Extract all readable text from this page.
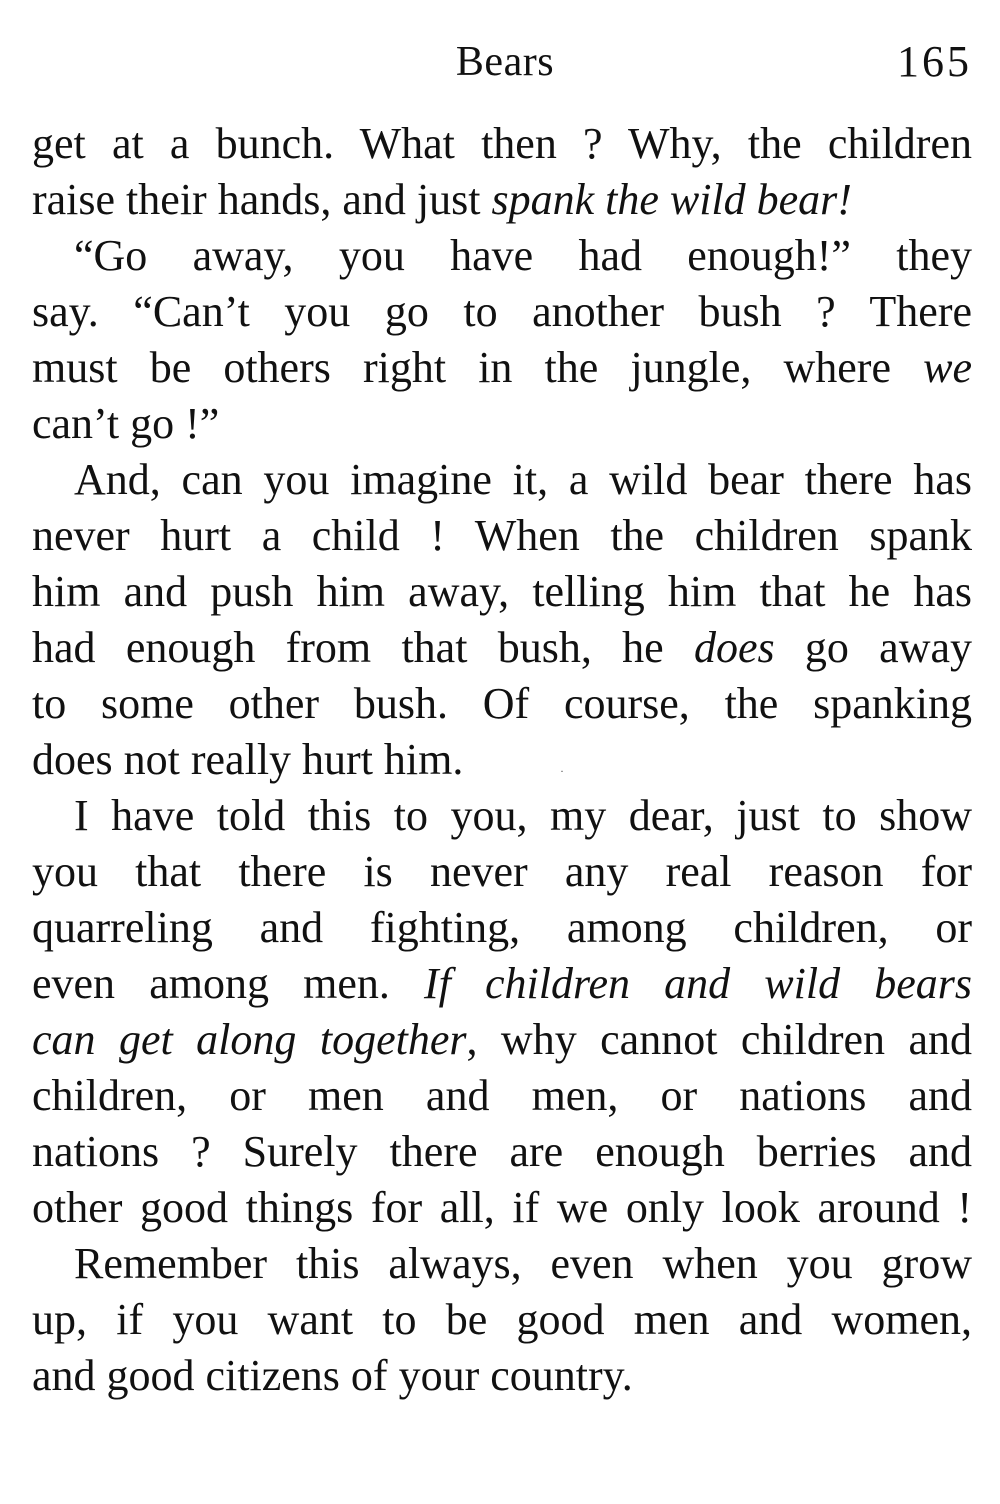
Bears	165
get at a bunch. What then ? Why, the children
raise their hands, and just spank the wild bear!
“Go away, you have had enough!” they
say. “Can’t you go to another bush ? There
must be others right in the jungle, where we
can’t go !”
And, can you imagine it, a wild bear there has
never hurt a child ! When the children spank
him and push him away, telling him that he has
had enough from that bush, he does go away
to some other bush. Of course, the spanking
does not really hurt him.
I have told this to you, my dear, just to show
you that there is never any real reason for
quarreling and fighting, among children, or
even among men. If children and wild bears
can get along together, why cannot children and
children, or men and men, or nations and
nations ? Surely there are enough berries and
other good things for all, if we only look around !
Remember this always, even when you grow
up, if you want to be good men and women,
and good citizens of your country.
·
